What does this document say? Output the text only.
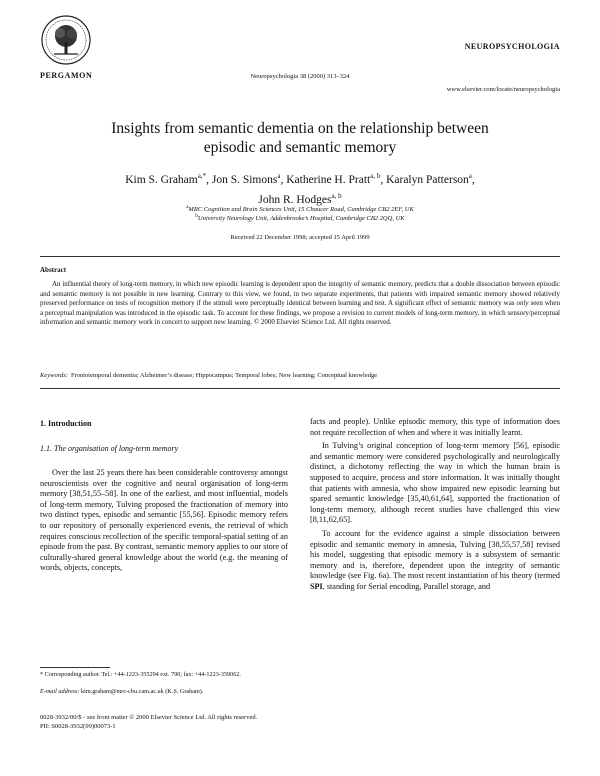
PERGAMON
NEUROPSYCHOLOGIA
Neuropsychologia 38 (2000) 313–324
www.elsevier.com/locate/neuropsychologia
Insights from semantic dementia on the relationship between
episodic and semantic memory
Kim S. Graham$^{a,*}$, Jon S. Simons$^a$, Katherine H. Pratt$^{a, b}$, Karalyn Patterson$^a$,
John R. Hodges$^{a, b}$
$^a$MRC Cognition and Brain Sciences Unit, 15 Chaucer Road, Cambridge CB2 2EF, UK
$^b$University Neurology Unit, Addenbrooke’s Hospital, Cambridge CB2 2QQ, UK
Received 22 December 1998; accepted 15 April 1999
Abstract
An influential theory of long-term memory, in which new episodic learning is dependent upon the integrity of semantic memory, predicts that a double dissociation between episodic and semantic memory is not possible in new learning. Contrary to this view, we found, in two separate experiments, that patients with impaired semantic memory showed relatively preserved performance on tests of recognition memory if the stimuli were perceptually identical between learning and test. A significant effect of semantic memory was only seen when a perceptual manipulation was introduced in the episodic task. To account for these findings, we propose a revision to current models of long-term memory, in which sensory/perceptual information and semantic memory work in concert to support new learning. © 2000 Elsevier Science Ltd. All rights reserved.
Keywords: Frontotemporal dementia; Alzheimer’s disease; Hippocampus; Temporal lobes; New learning; Conceptual knowledge
1. Introduction
1.1. The organisation of long-term memory

Over the last 25 years there has been considerable controversy amongst neuroscientists over the cognitive and neural organisation of long-term memory [38,51,55–58]. In one of the earliest, and most influential, models of long-term memory, Tulving proposed the fractionation of memory into two distinct types, episodic and semantic [55,56]. Episodic memory refers to our repository of personally experienced events, the retrieval of which requires conscious recollection of the specific temporal-spatial setting of an episode from the past. By contrast, semantic memory applies to our store of culturally-shared general knowledge about the world (e.g. the meaning of words, objects, concepts,

facts and people). Unlike episodic memory, this type of information does not require recollection of when and where it was initially learnt.

In Tulving’s original conception of long-term memory [56], episodic and semantic memory were considered psychologically and neurologically distinct, a dichotomy reflecting the way in which the human brain is supposed to acquire, process and store information. It was initially thought that patients with amnesia, who show impaired new episodic learning but spared semantic knowledge [35,40,61,64], supported the fractionation of long-term memory, although recent studies have challenged this view [8,11,62,65].

To account for the evidence against a simple dissociation between episodic and semantic memory in amnesia, Tulving [38,55,57,58] revised his model, suggesting that episodic memory is a subsystem of semantic memory and is, therefore, dependent upon the integrity of semantic knowledge (see Fig. 6a). The most recent instantiation of his theory (termed SPI, standing for Serial encoding, Parallel storage, and

* Corresponding author. Tel.: +44-1223-355294 ext. 790; fax: +44-1223-359062.
E-mail address: kim.graham@mrc-cbu.cam.ac.uk (K.S. Graham).
0028-3932/00/$ - see front matter © 2000 Elsevier Science Ltd. All rights reserved.
PII: S0028-3932(99)00073-1
